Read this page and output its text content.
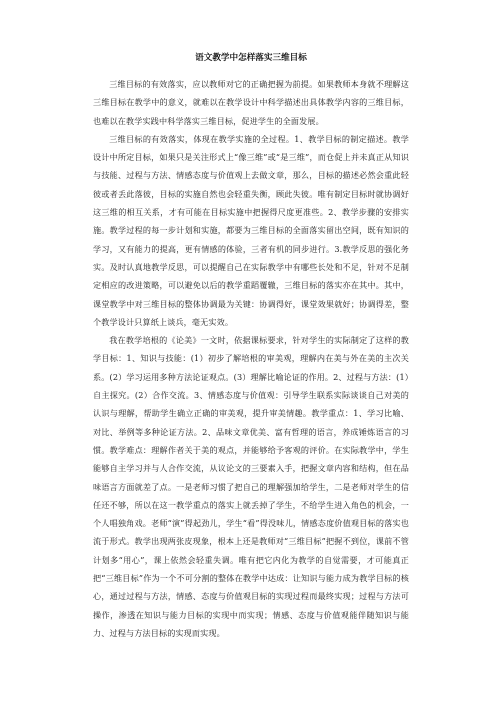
语文教学中怎样落实三维目标

三维目标的有效落实，应以教师对它的正确把握为前提。如果教师本身就不理解这三维目标在教学中的意义，就难以在教学设计中科学描述出具体教学内容的三维目标，也难以在教学实践中科学落实三维目标，促进学生的全面发展。

三维目标的有效落实，体现在教学实施的全过程。1、教学目标的制定描述。教学设计中所定目标，如果只是关注形式上“像三维”或“是三维”，而仓促上并未真正从知识与技能、过程与方法、情感态度与价值观上去做文章，那么，目标的描述必然会重此轻彼或者丢此落彼，目标的实施自然也会轻重失衡，顾此失彼。唯有制定目标时就协调好这三维的相互关系，才有可能在目标实施中把握得尺度更准些。2、教学步骤的安排实施。教学过程的每一步计划和实施，都要为三维目标的全面落实留出空间，既有知识的学习，又有能力的提高，更有情感的体验，三者有机的同步进行。3.教学反思的强化务实。及时认真地教学反思，可以提醒自己在实际教学中有哪些长处和不足，针对不足制定相应的改进策略，可以避免以后的教学重蹈覆辙，三维目标的落实亦在其中。其中，课堂教学中对三维目标的整体协调最为关键：协调得好，课堂效果就好；协调得差，整个教学设计只算纸上谈兵，毫无实效。

我在教学培根的《论美》一文时，依据课标要求，针对学生的实际制定了这样的教学目标：1、知识与技能：(1）初步了解培根的审美观，理解内在美与外在美的主次关系。(2）学习运用多种方法论证观点。(3）理解比喻论证的作用。2、过程与方法：(1）自主探究。(2）合作交流。3、情感态度与价值观：引导学生联系实际谈谈自己对美的认识与理解，帮助学生确立正确的审美观，提升审美情趣。教学重点：1、学习比喻、对比、举例等多种论证方法。2、品味文章优美、富有哲理的语言，养成锤炼语言的习惯。教学难点：理解作者关于美的观点，并能够给予客观的评价。在实际教学中，学生能够自主学习并与人合作交流，从议论文的三要素入手，把握文章内容和结构，但在品味语言方面就差了点。一是老师习惯了把自己的理解强加给学生，二是老师对学生的信任还不够，所以在这一教学重点的落实上就丢掉了学生，不给学生进入角色的机会，一个人唱独角戏。老师“演”得起劲儿，学生“看”得没味儿，情感态度价值观目标的落实也流于形式。教学出现两张皮现象，根本上还是教师对“三维目标”把握不到位，课前不管计划多“用心”，课上依然会轻重失调。唯有把它内化为教学的自觉需要，才可能真正把“三维目标”作为一个不可分割的整体在教学中达成：让知识与能力成为教学目标的核心，通过过程与方法，情感、态度与价值观目标的实现过程而最终实现；过程与方法可操作，渗透在知识与能力目标的实现中而实现；情感、态度与价值观能伴随知识与能力、过程与方法目标的实现而实现。
